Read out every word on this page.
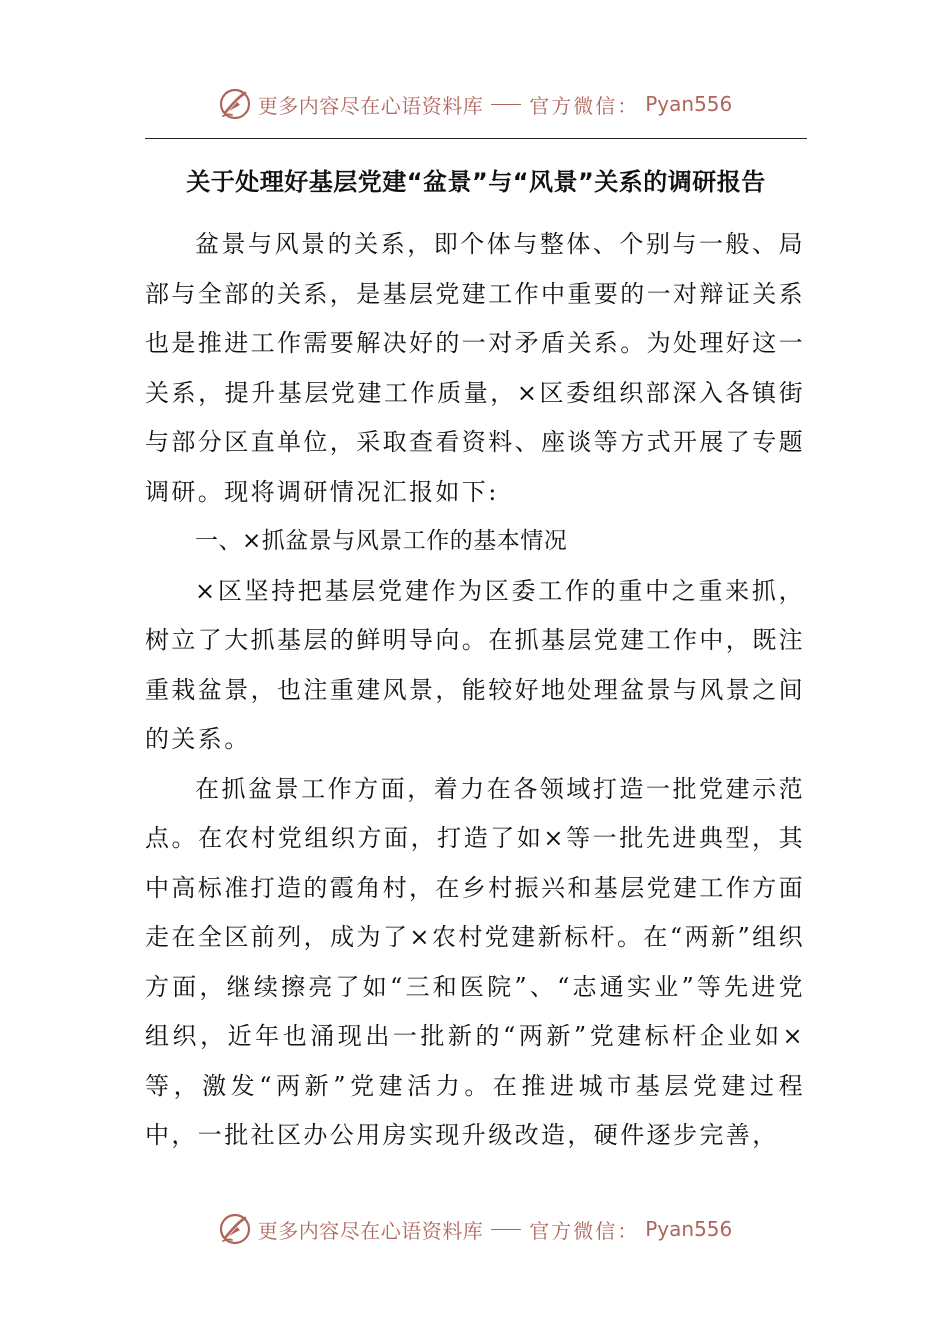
更多内容尽在心语资料库 官方微信： Pyan556
关于处理好基层党建“盆景”与“风景”关系的调研报告

盆景与风景的关系，即个体与整体、个别与一般、局部与全部的关系，是基层党建工作中重要的一对辩证关系也是推进工作需要解决好的一对矛盾关系。为处理好这一关系，提升基层党建工作质量，×区委组织部深入各镇街与部分区直单位，采取查看资料、座谈等方式开展了专题调研。现将调研情况汇报如下:

一、×抓盆景与风景工作的基本情况

×区坚持把基层党建作为区委工作的重中之重来抓，树立了大抓基层的鲜明导向。在抓基层党建工作中，既注重栽盆景，也注重建风景，能较好地处理盆景与风景之间的关系。

在抓盆景工作方面，着力在各领域打造一批党建示范点。在农村党组织方面，打造了如×等一批先进典型，其中高标准打造的霞角村，在乡村振兴和基层党建工作方面走在全区前列，成为了×农村党建新标杆。在“两新”组织方面，继续擦亮了如“三和医院”、“志通实业”等先进党组织，近年也涌现出一批新的“两新”党建标杆企业如×等，激发“两新”党建活力。在推进城市基层党建过程中，一批社区办公用房实现升级改造，硬件逐步完善，

更多内容尽在心语资料库 官方微信： Pyan556
